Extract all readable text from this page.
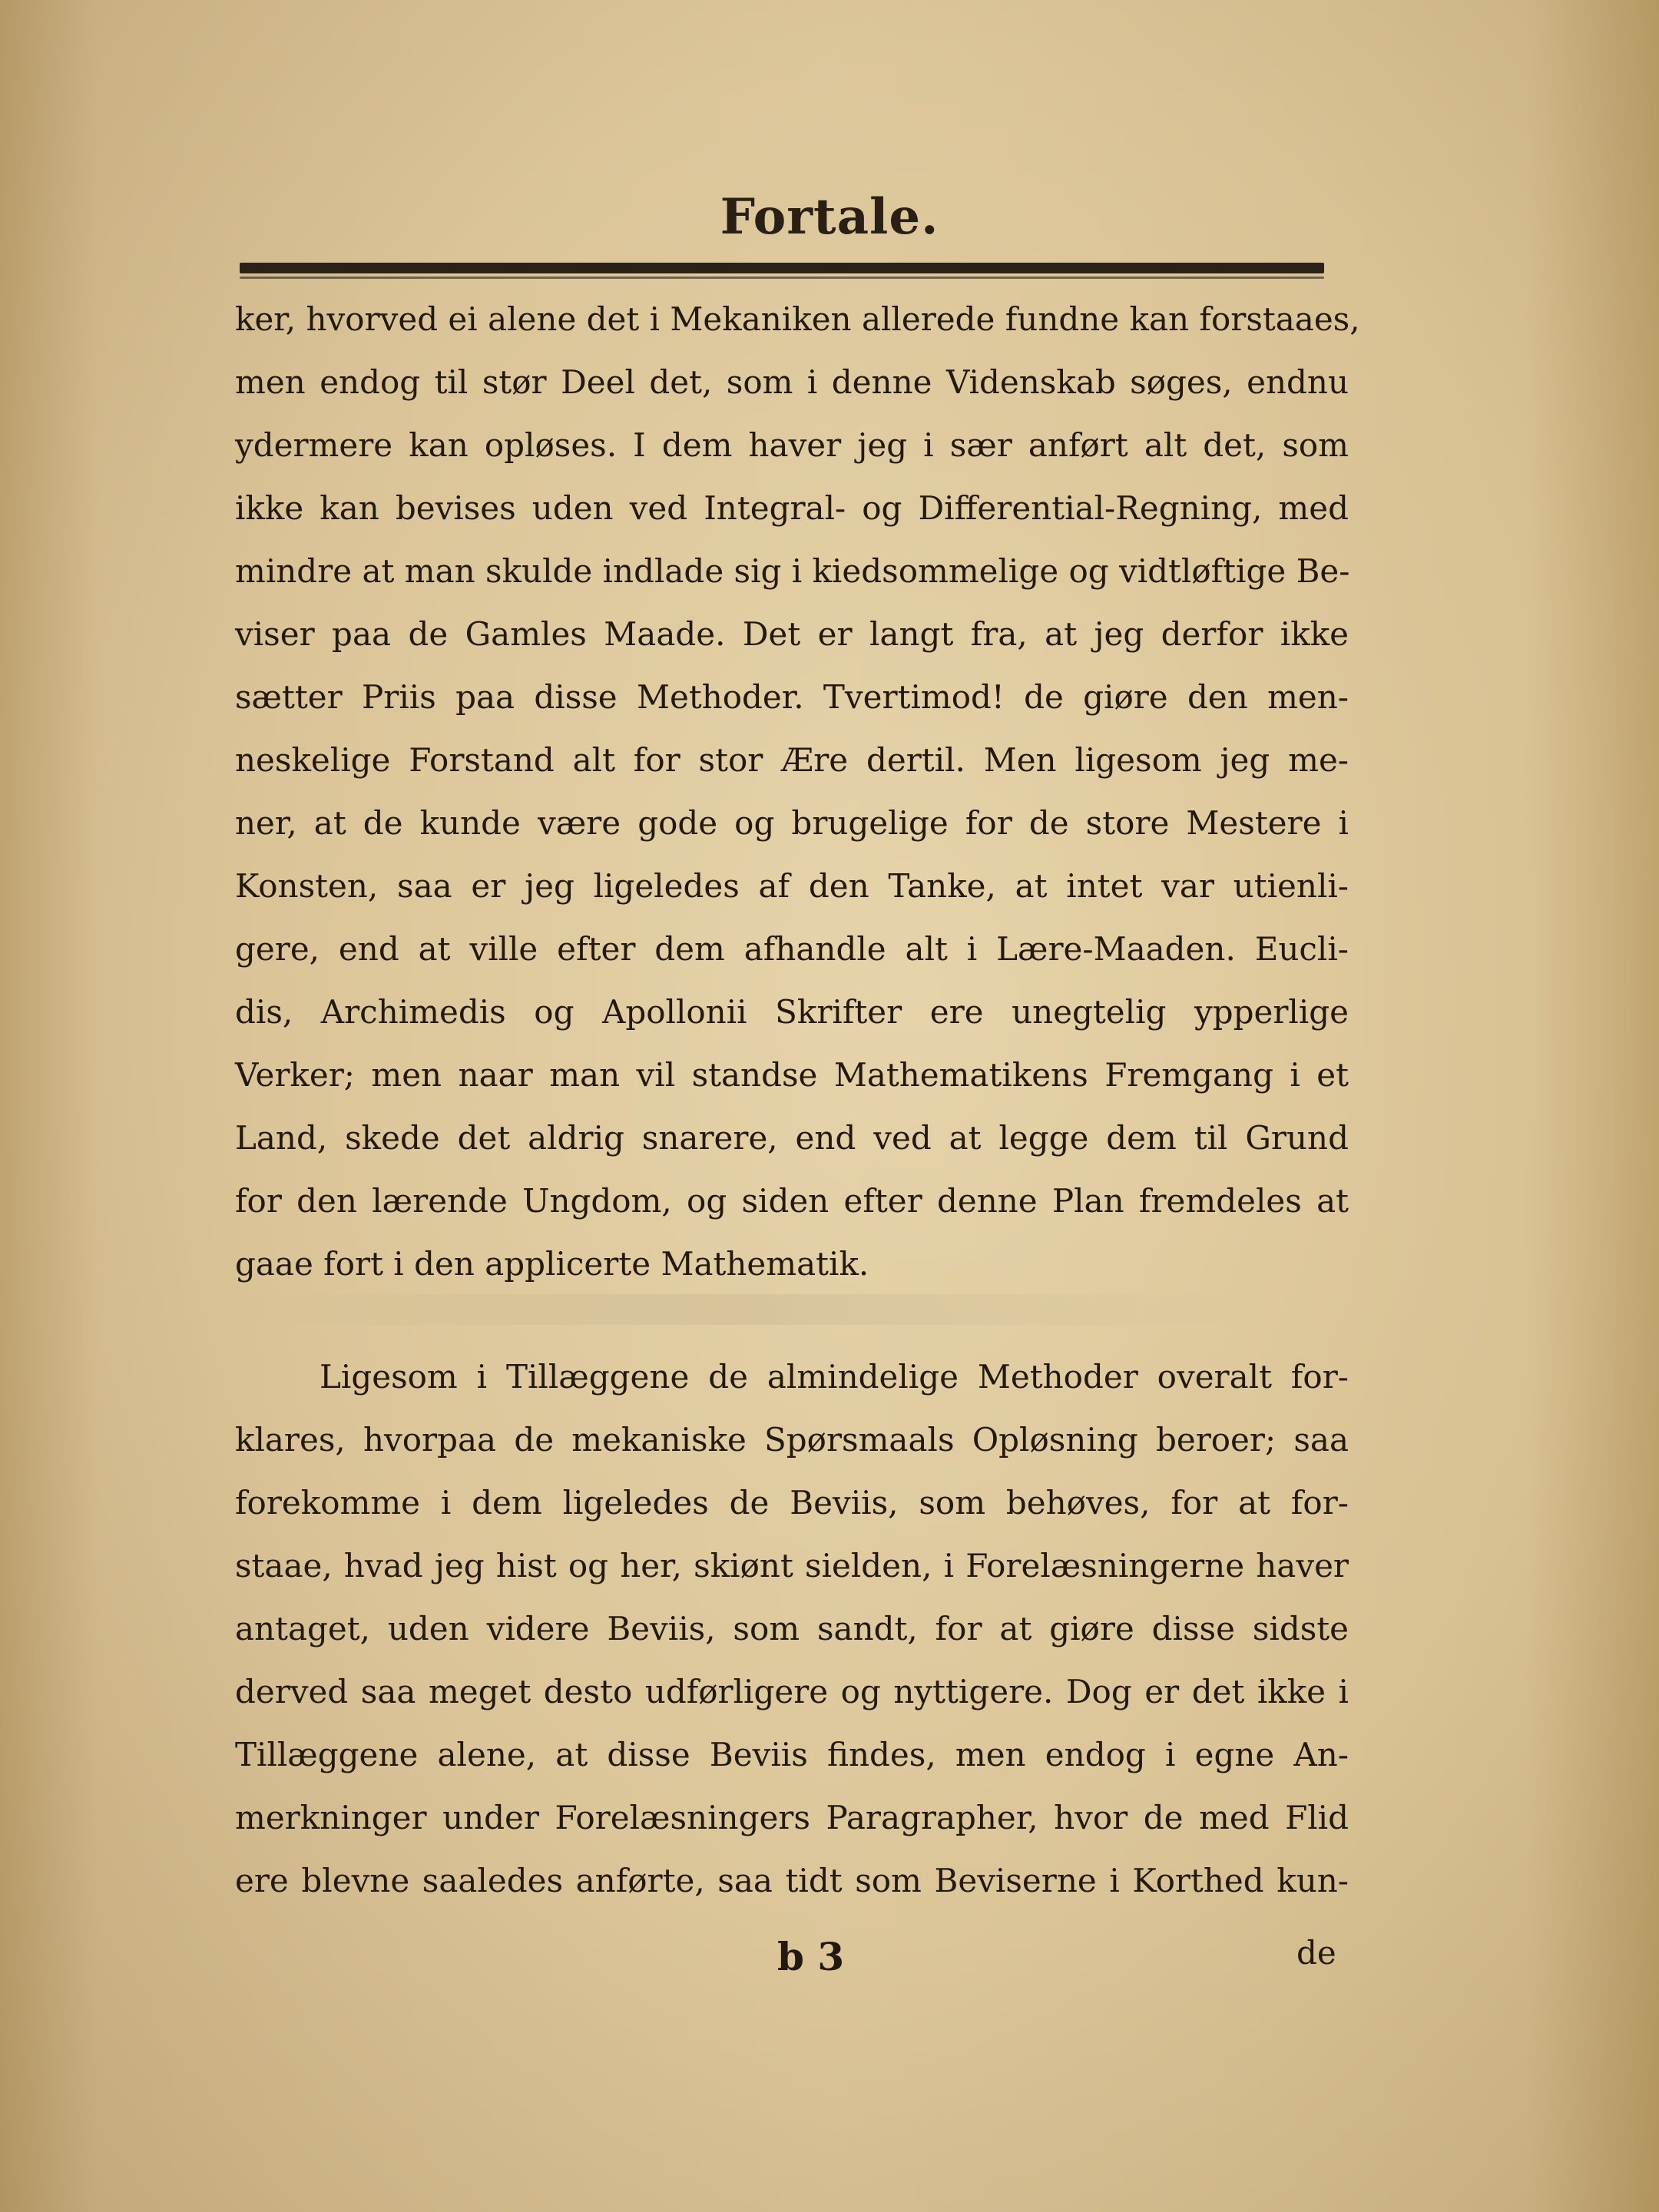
Fortale.
ker, hvorved ei alene det i Mekaniken allerede fundne kan forstaaes,
men endog til stør Deel det, som i denne Videnskab søges, endnu
ydermere kan opløses. I dem haver jeg i sær anført alt det, som
ikke kan bevises uden ved Integral- og Differential-Regning, med
mindre at man skulde indlade sig i kiedsommelige og vidtløftige Be-
viser paa de Gamles Maade. Det er langt fra, at jeg derfor ikke
sætter Priis paa disse Methoder. Tvertimod! de giøre den men-
neskelige Forstand alt for stor Ære dertil. Men ligesom jeg me-
ner, at de kunde være gode og brugelige for de store Mestere i
Konsten, saa er jeg ligeledes af den Tanke, at intet var utienli-
gere, end at ville efter dem afhandle alt i Lære-Maaden. Eucli-
dis, Archimedis og Apollonii Skrifter ere unegtelig ypperlige
Verker; men naar man vil standse Mathematikens Fremgang i et
Land, skede det aldrig snarere, end ved at legge dem til Grund
for den lærende Ungdom, og siden efter denne Plan fremdeles at
gaae fort i den applicerte Mathematik.
Ligesom i Tillæggene de almindelige Methoder overalt for-
klares, hvorpaa de mekaniske Spørsmaals Opløsning beroer; saa
forekomme i dem ligeledes de Beviis, som behøves, for at for-
staae, hvad jeg hist og her, skiønt sielden, i Forelæsningerne haver
antaget, uden videre Beviis, som sandt, for at giøre disse sidste
derved saa meget desto udførligere og nyttigere. Dog er det ikke i
Tillæggene alene, at disse Beviis findes, men endog i egne An-
merkninger under Forelæsningers Paragrapher, hvor de med Flid
ere blevne saaledes anførte, saa tidt som Beviserne i Korthed kun-
b 3	de
